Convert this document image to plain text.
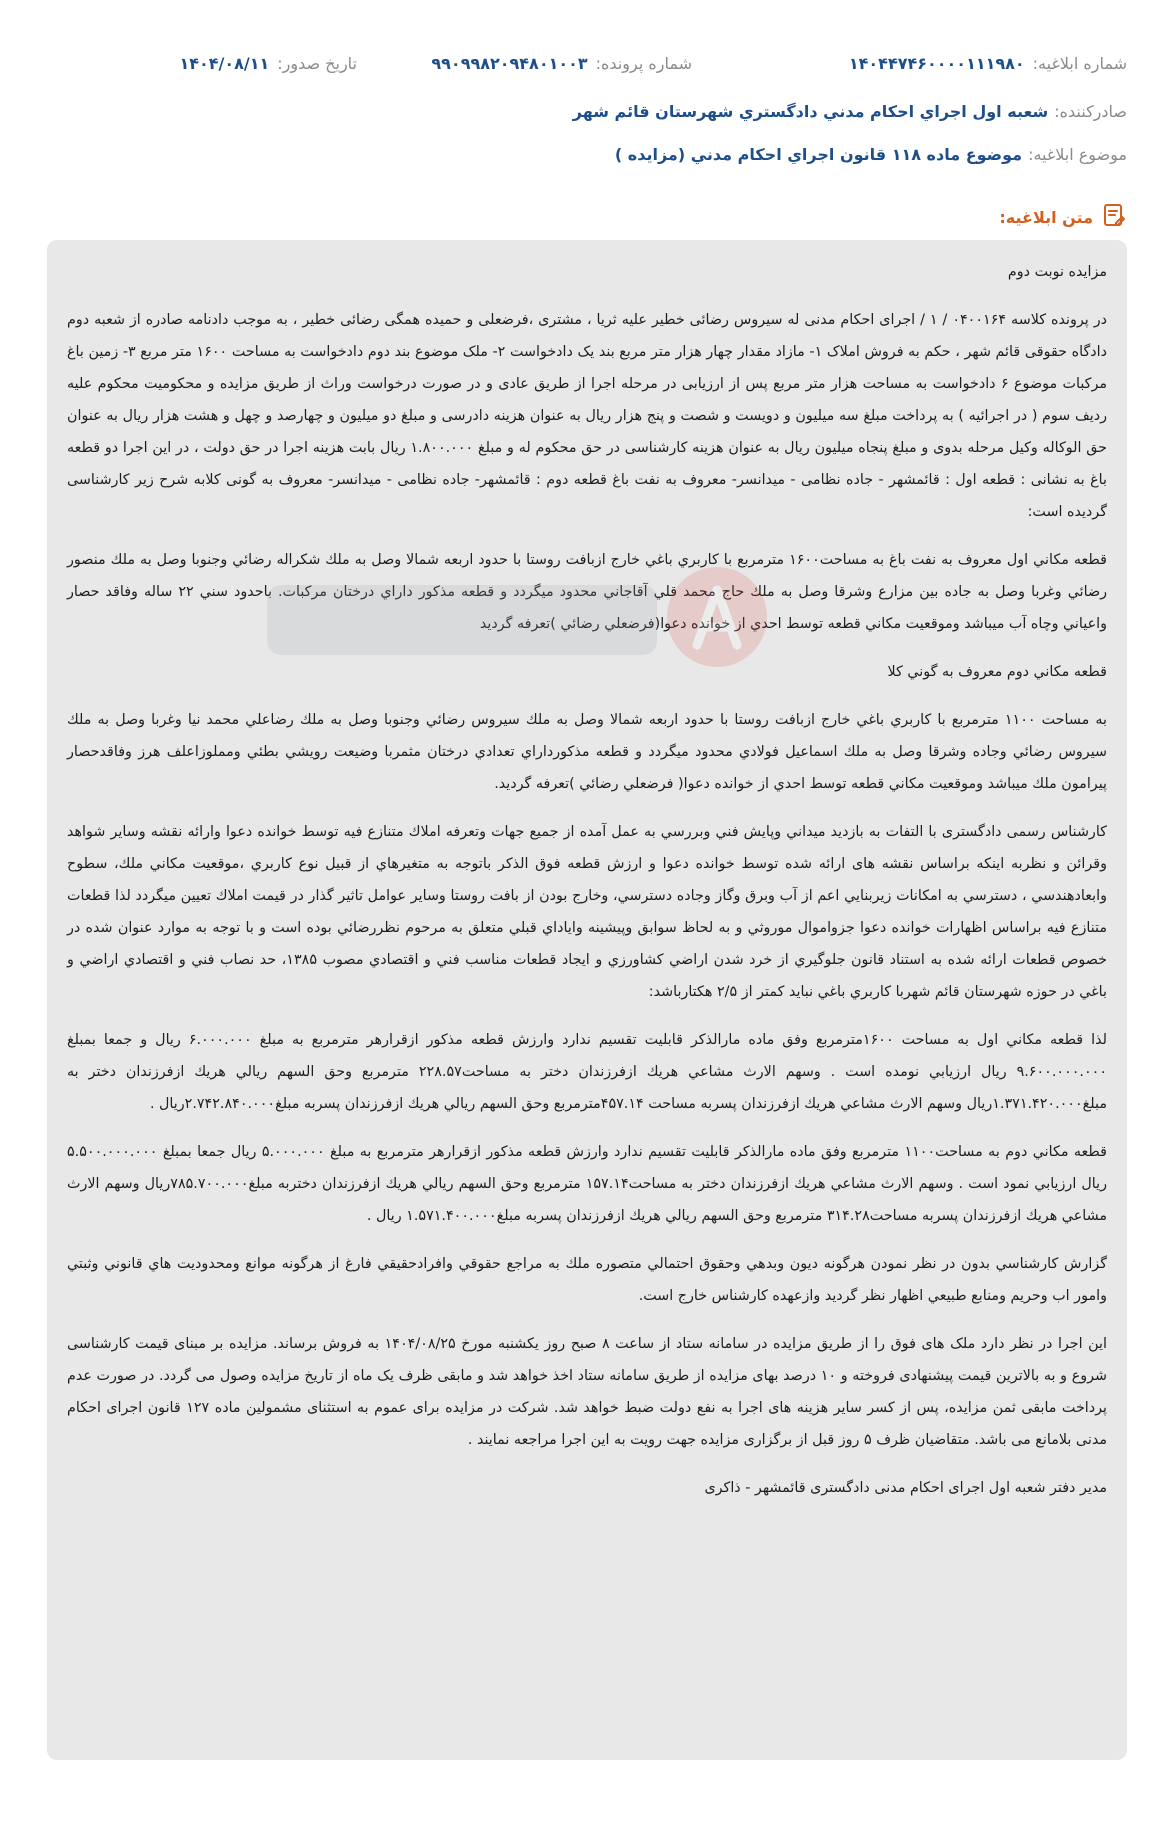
شماره ابلاغیه:۱۴۰۴۴۷۴۶۰۰۰۰۱۱۱۹۸۰
شماره پرونده:۹۹۰۹۹۸۲۰۹۴۸۰۱۰۰۳
تاریخ صدور:۱۴۰۴/۰۸/۱۱
صادرکننده:شعبه اول اجراي احکام مدني دادگستري شهرستان قائم شهر
موضوع ابلاغیه:موضوع ماده ۱۱۸ قانون اجراي احکام مدني (مزايده )
متن ابلاغیه:

مزايده نوبت دوم

در پرونده کلاسه ۰۴۰۰۱۶۴ / ۱ / اجرای احکام مدنی له سیروس رضائی خطیر علیه ثریا ، مشتری ،فرضعلی و حمیده همگی رضائی خطیر ، به موجب دادنامه صادره از شعبه دوم دادگاه حقوقی قائم شهر ، حکم به فروش املاک ۱- مازاد مقدار چهار هزار متر مربع بند یک دادخواست ۲- ملک موضوع بند دوم دادخواست به مساحت ۱۶۰۰ متر مربع ۳- زمین باغ مرکبات موضوع ۶ دادخواست به مساحت هزار متر مربع پس از ارزیابی در مرحله اجرا از طریق عادی و در صورت درخواست وراث از طریق مزایده و محکومیت محکوم علیه ردیف سوم ( در اجرائیه ) به پرداخت مبلغ سه میلیون و دویست و شصت و پنج هزار ریال به عنوان هزینه دادرسی و مبلغ دو میلیون و چهارصد و چهل و هشت هزار ریال به عنوان حق الوکاله وکیل مرحله بدوی و مبلغ پنجاه میلیون ریال به عنوان هزینه کارشناسی در حق محکوم له و مبلغ ۱.۸۰۰.۰۰۰ ریال بابت هزینه اجرا در حق دولت ، در این اجرا دو قطعه باغ به نشانی : قطعه اول : قائمشهر - جاده نظامی - میدانسر- معروف به نفت باغ قطعه دوم : قائمشهر- جاده نظامی - میدانسر- معروف به گونی کلابه شرح زیر کارشناسی گردیده است:

قطعه مکاني اول معروف به نفت باغ به مساحت۱۶۰۰ مترمربع با کاربري باغي خارج ازبافت روستا با حدود اربعه شمالا وصل به ملك شکراله رضائي وجنوبا وصل به ملك منصور رضائي وغربا وصل به جاده بين مزارع وشرقا وصل به ملك حاج محمد قلي آقاجاني محدود ميگردد و قطعه مذکور داراي درختان مرکبات. باحدود سني ۲۲ ساله وفاقد حصار واعياني وچاه آب ميباشد وموقعيت مکاني قطعه توسط احدي از خوانده دعوا(فرضعلي رضائي )تعرفه گرديد

قطعه مکاني دوم معروف به گوني کلا

به مساحت ۱۱۰۰ مترمربع با کاربري باغي خارج ازبافت روستا با حدود اربعه شمالا وصل به ملك سيروس رضائي وجنوبا وصل به ملك رضاعلي محمد نيا وغربا وصل به ملك سيروس رضائي وجاده وشرقا وصل به ملك اسماعيل فولادي محدود ميگردد و قطعه مذکورداراي تعدادي درختان مثمربا وضيعت رويشي بطئي ومملوزاعلف هرز وفاقدحصار پيرامون ملك ميباشد وموقعيت مکاني قطعه توسط احدي از خوانده دعوا( فرضعلي رضائي )تعرفه گرديد.

کارشناس رسمی دادگستری با التفات به بازديد ميداني وپايش فني وبررسي به عمل آمده از جميع جهات وتعرفه املاك متنازع فيه توسط خوانده دعوا وارائه نقشه وساير شواهد وقرائن و نظربه اينکه براساس نقشه هاى ارائه شده توسط خوانده دعوا و ارزش قطعه فوق الذکر باتوجه به متغيرهاي از قبيل نوع کاربري ،موقعيت مکاني ملك، سطوح وابعادهندسي ، دسترسي به امکانات زيربنايي اعم از آب وبرق وگاز وجاده دسترسي، وخارج بودن از بافت روستا وساير عوامل تاثير گذار در قيمت املاك تعيين ميگردد لذا قطعات متنازع فيه براساس اظهارات خوانده دعوا جزواموال موروثي و به لحاظ سوابق وپيشينه واياداي قبلي متعلق به مرحوم نظررضائي بوده است و با توجه به موارد عنوان شده در خصوص قطعات ارائه شده به استناد قانون جلوگيري از خرد شدن اراضي کشاورزي و ايجاد قطعات مناسب فني و اقتصادي مصوب ۱۳۸۵، حد نصاب فني و اقتصادي اراضي و باغي در حوزه شهرستان قائم شهربا کاربري باغي نبايد کمتر از ۲/۵ هکتارباشد:

لذا قطعه مکاني اول به مساحت ۱۶۰۰مترمربع وفق ماده مارالذکر قابليت تقسيم ندارد وارزش قطعه مذکور ازقرارهر مترمربع به مبلغ ۶.۰۰۰.۰۰۰ ريال و جمعا بمبلغ ۹.۶۰۰.۰۰۰.۰۰۰ ريال ارزيابي نومده است . وسهم الارث مشاعي هريك ازفرزندان دختر به مساحت۲۲۸.۵۷ مترمربع وحق السهم ريالي هريك ازفرزندان دختر به مبلغ۱.۳۷۱.۴۲۰.۰۰۰ريال وسهم الارث مشاعي هريك ازفرزندان پسربه مساحت ۴۵۷.۱۴مترمربع وحق السهم ريالي هريك ازفرزندان پسربه مبلغ۲.۷۴۲.۸۴۰.۰۰۰ريال .

قطعه مکاني دوم به مساحت۱۱۰۰ مترمربع وفق ماده مارالذکر قابليت تقسيم ندارد وارزش قطعه مذکور ازقرارهر مترمربع به مبلغ ۵.۰۰۰.۰۰۰ ريال جمعا بمبلغ ۵.۵۰۰.۰۰۰.۰۰۰ ريال ارزيابي نمود است . وسهم الارث مشاعي هريك ازفرزندان دختر به مساحت۱۵۷.۱۴ مترمربع وحق السهم ريالي هريك ازفرزندان دختربه مبلغ۷۸۵.۷۰۰.۰۰۰ريال وسهم الارث مشاعي هريك ازفرزندان پسربه مساحت۳۱۴.۲۸ مترمربع وحق السهم ريالي هريك ازفرزندان پسربه مبلغ۱.۵۷۱.۴۰۰.۰۰۰ ريال .

گزارش کارشناسي بدون در نظر نمودن هرگونه ديون وبدهي وحقوق احتمالي متصوره ملك به مراجع حقوقي وافرادحقيقي فارغ از هرگونه موانع ومحدوديت هاي قانوني وثبتي وامور اب وحريم ومنابع طبيعي اظهار نظر گرديد وازعهده کارشناس خارج است.

این اجرا در نظر دارد ملک های فوق را از طریق مزایده در سامانه ستاد از ساعت ۸ صبح روز یکشنبه مورخ ۱۴۰۴/۰۸/۲۵ به فروش برساند. مزایده بر مبنای قیمت کارشناسی شروع و به بالاترین قیمت پیشنهادی فروخته و ۱۰ درصد بهای مزایده از طریق سامانه ستاد اخذ خواهد شد و مابقی ظرف یک ماه از تاریخ مزایده وصول می گردد. در صورت عدم پرداخت مابقی ثمن مزایده، پس از کسر سایر هزینه های اجرا به نفع دولت ضبط خواهد شد. شرکت در مزایده برای عموم به استثنای مشمولین ماده ۱۲۷ قانون اجرای احکام مدنی بلامانع می باشد. متقاضیان ظرف ۵ روز قبل از برگزاری مزایده جهت رویت به این اجرا مراجعه نمایند .

مدیر دفتر شعبه اول اجرای احکام مدنی دادگستری قائمشهر - ذاکری
